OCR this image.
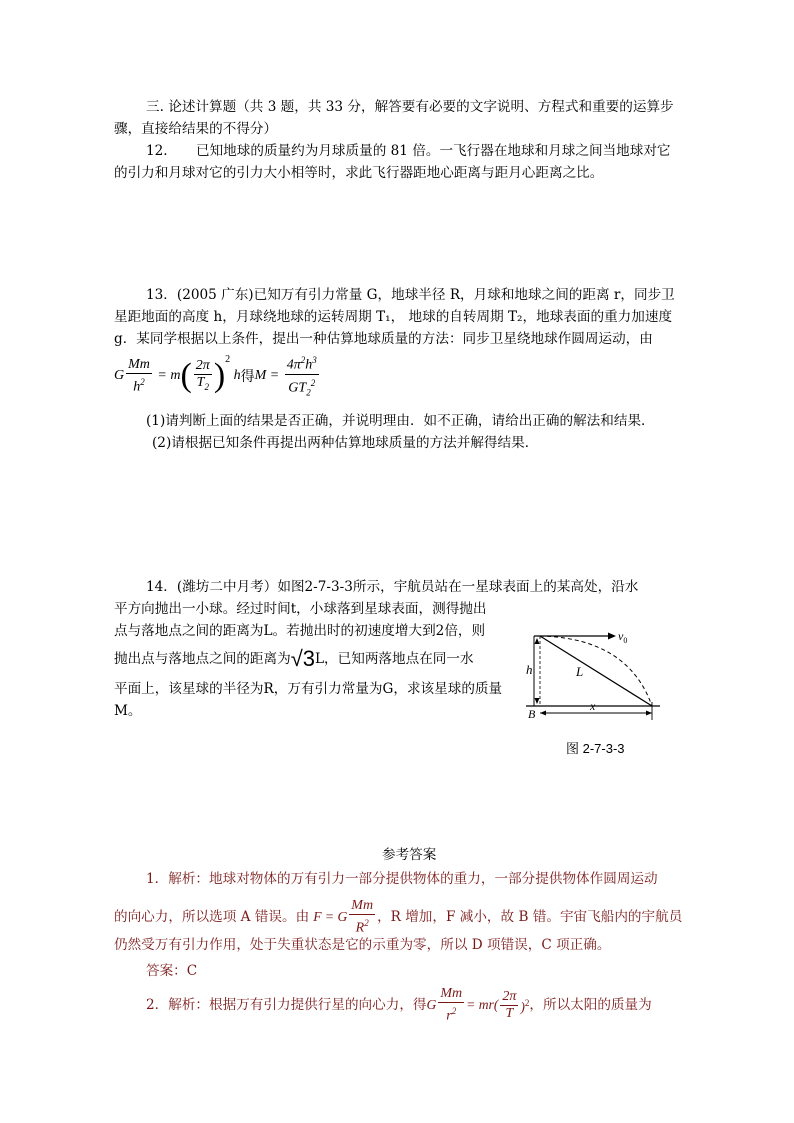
三. 论述计算题（共 3 题，共 33 分，解答要有必要的文字说明、方程式和重要的运算步
骤，直接给结果的不得分）
12. 已知地球的质量约为月球质量的 81 倍。一飞行器在地球和月球之间当地球对它
的引力和月球对它的引力大小相等时，求此飞行器距地心距离与距月心距离之比。
13．(2005 广东)已知万有引力常量 G，地球半径 R，月球和地球之间的距离 r，同步卫
星距地面的高度 h，月球绕地球的运转周期 T₁， 地球的自转周期 T₂，地球表面的重力加速度
g．某同学根据以上条件，提出一种估算地球质量的方法：同步卫星绕地球作圆周运动，由
G $\frac{Mm}{h^2} = m$ ( $\frac{2\pi}{T_2}$ ) 2
h 得 $M = \frac{4\pi^2h^3}{GT_2^2}$
(1)请判断上面的结果是否正确，并说明理由．如不正确，请给出正确的解法和结果．
(2)请根据已知条件再提出两种估算地球质量的方法并解得结果．
14．(潍坊二中月考）如图2-7-3-3所示，宇航员站在一星球表面上的某高处，沿水
平方向抛出一小球。经过时间t，小球落到星球表面，测得抛出
点与落地点之间的距离为L。若抛出时的初速度增大到2倍，则
抛出点与落地点之间的距离为 √3 L，已知两落地点在同一水
平面上，该星球的半径为R，万有引力常量为G，求该星球的质量
M。
$v_0$
h	L
B
x
图 2-7-3-3
参考答案
1．解析：地球对物体的万有引力一部分提供物体的重力，一部分提供物体作圆周运动
的向心力，所以选项 A 错误。由 F = G $\frac{Mm}{R^2}$ ，R 增加，F 减小，故 B 错。宇宙飞船内的宇航员
仍然受万有引力作用，处于失重状态是它的示重为零，所以 D 项错误，C 项正确。
答案：C
2．解析：根据万有引力提供行星的向心力，得 G $\frac{Mm}{r^2} = mr( \frac{2\pi}{T} )^2$ ，所以太阳的质量为
